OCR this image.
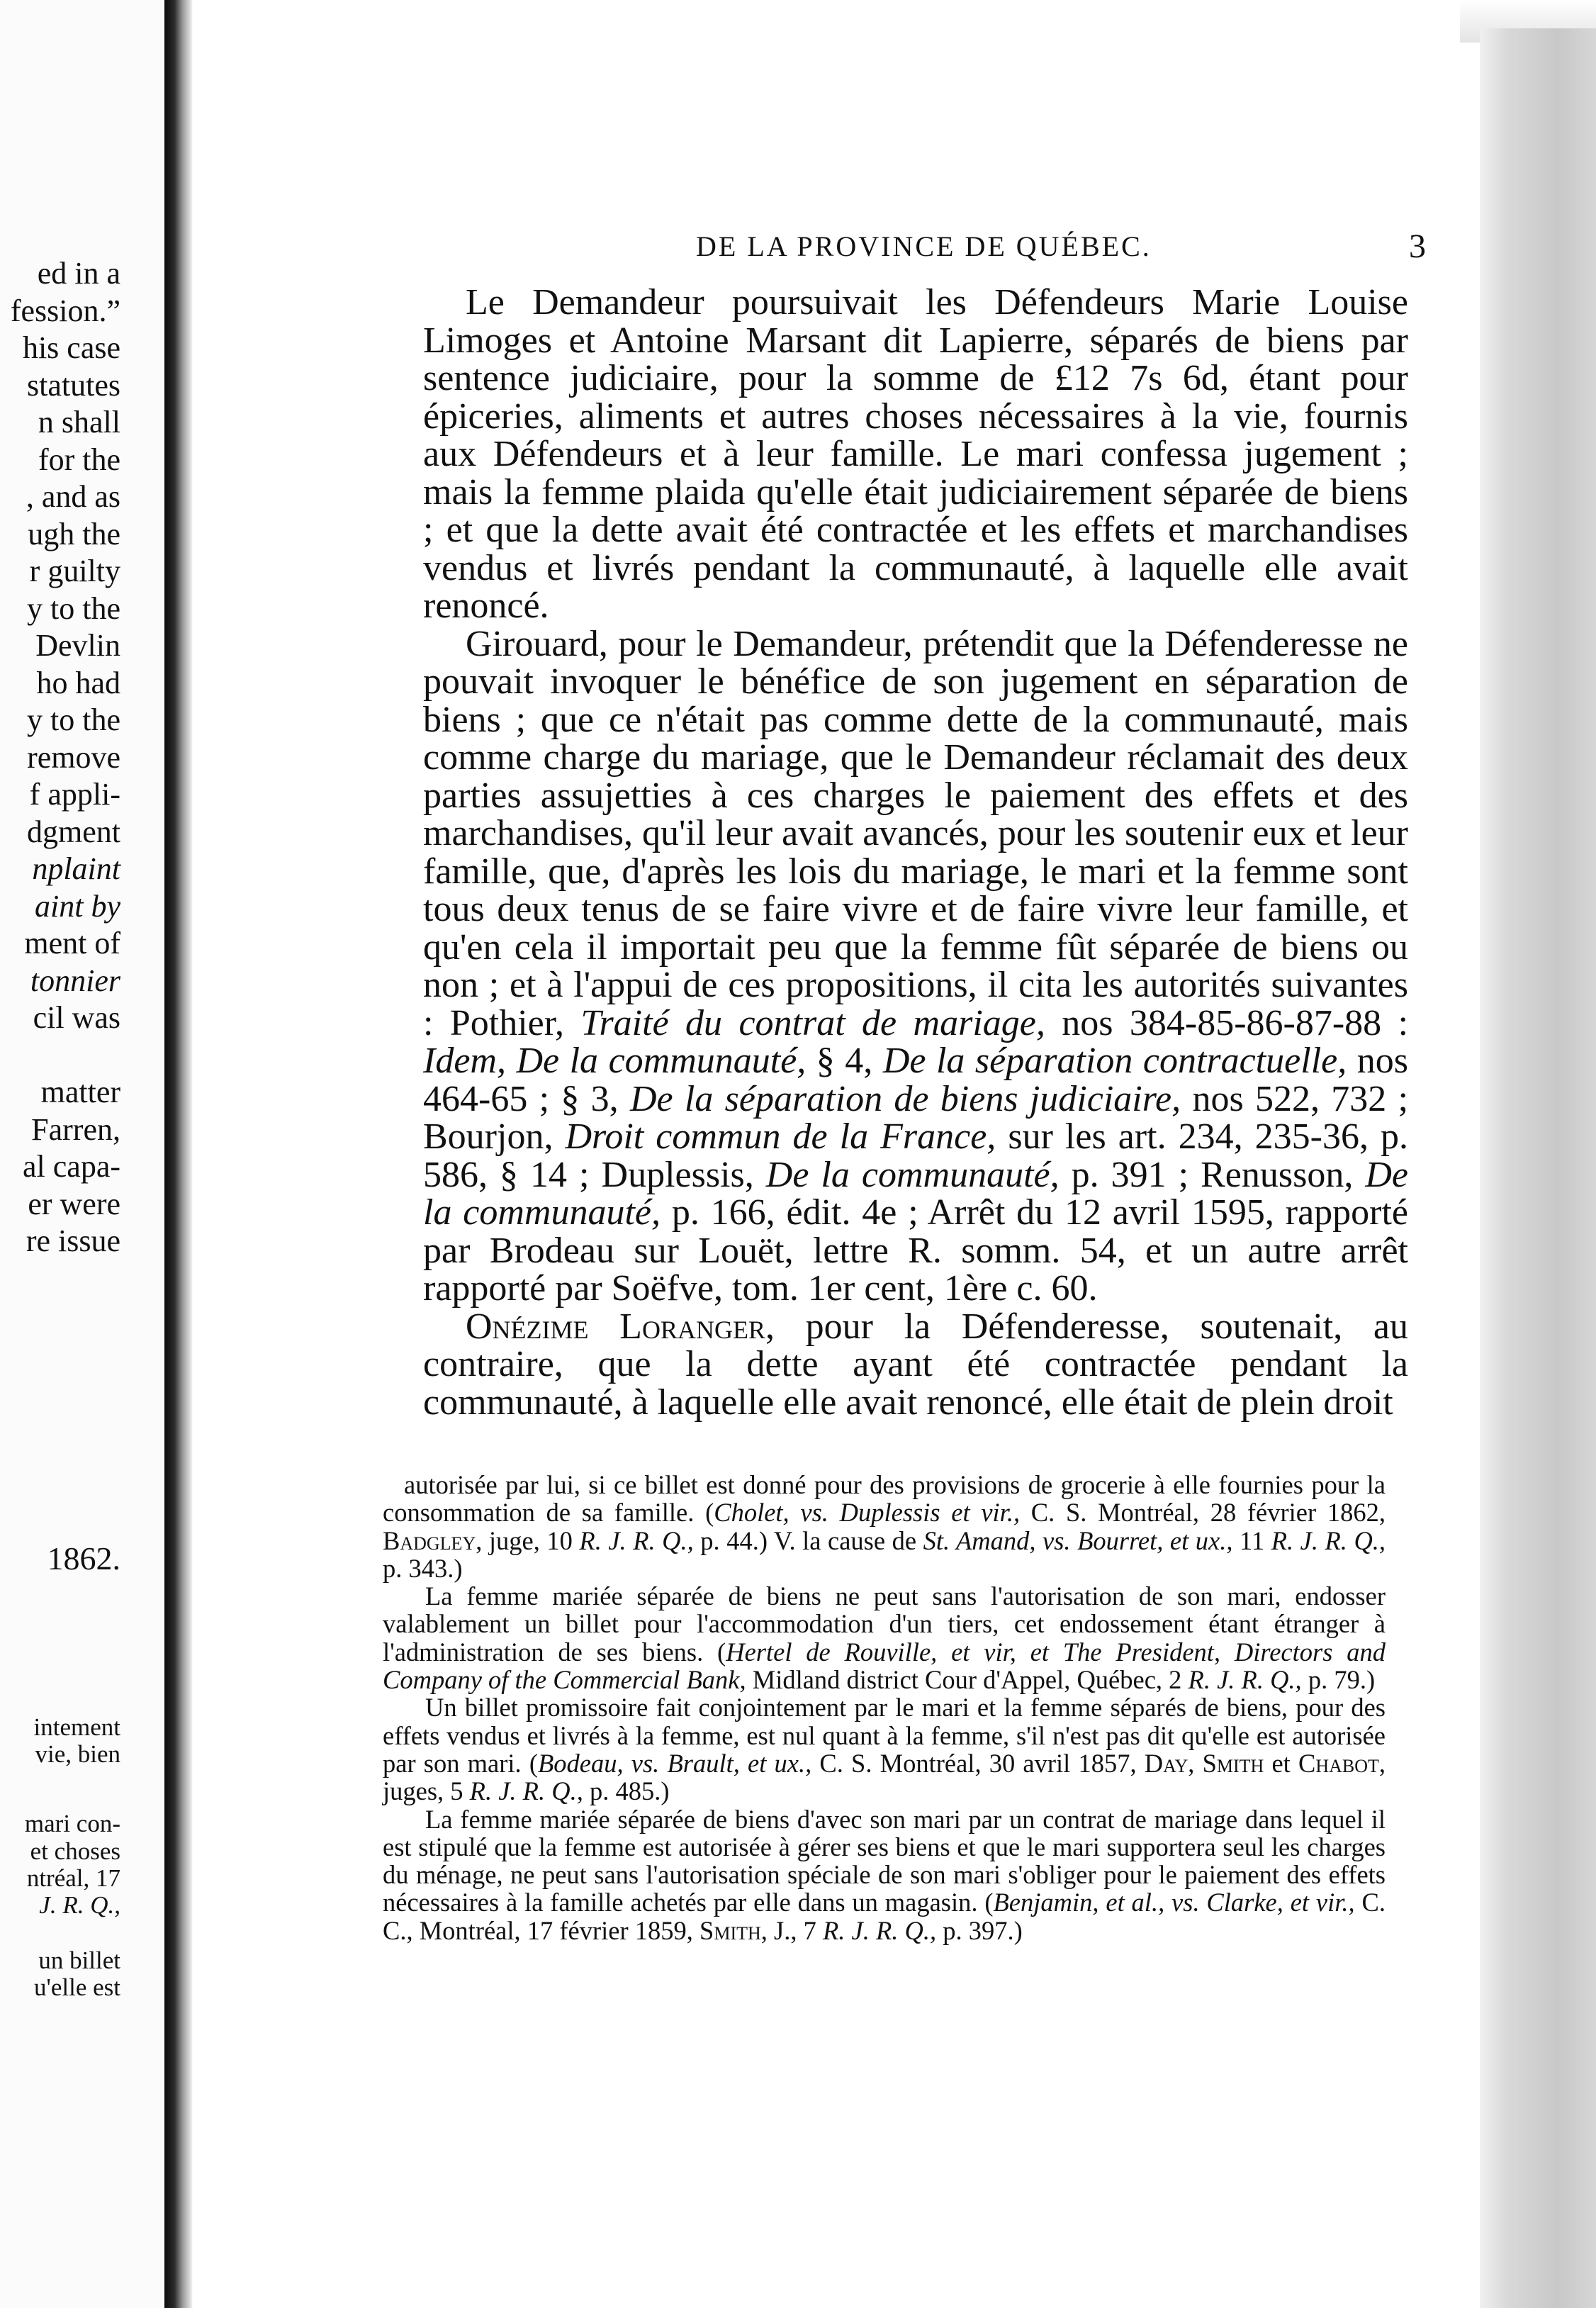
ed in a
fession.”
his case
statutes
n shall
for the
, and as
ugh the
r guilty
y to the
Devlin
ho had
y to the
remove
f appli-
dgment
nplaint
aint by
ment of
tonnier
cil was
matter
Farren,
al capa-
er were
re issue
1862.
intement
vie, bien
mari con-
et choses
ntréal, 17
J. R. Q.,
un billet
u'elle est
DE LA PROVINCE DE QUÉBEC.	3

Le Demandeur poursuivait les Défendeurs Marie Louise Limoges et Antoine Marsant dit Lapierre, séparés de biens par sentence judiciaire, pour la somme de £12 7s 6d, étant pour épiceries, aliments et autres choses nécessaires à la vie, fournis aux Défendeurs et à leur famille. Le mari confessa jugement ; mais la femme plaida qu'elle était judiciairement séparée de biens ; et que la dette avait été contractée et les effets et marchandises vendus et livrés pendant la communauté, à laquelle elle avait renoncé.

Girouard, pour le Demandeur, prétendit que la Défenderesse ne pouvait invoquer le bénéfice de son jugement en séparation de biens ; que ce n'était pas comme dette de la communauté, mais comme charge du mariage, que le Demandeur réclamait des deux parties assujetties à ces charges le paiement des effets et des marchandises, qu'il leur avait avancés, pour les soutenir eux et leur famille, que, d'après les lois du mariage, le mari et la femme sont tous deux tenus de se faire vivre et de faire vivre leur famille, et qu'en cela il importait peu que la femme fût séparée de biens ou non ; et à l'appui de ces propositions, il cita les autorités suivantes : Pothier, Traité du contrat de mariage, nos 384-85-86-87-88 : Idem, De la communauté, § 4, De la séparation contractuelle, nos 464-65 ; § 3, De la séparation de biens judiciaire, nos 522, 732 ; Bourjon, Droit commun de la France, sur les art. 234, 235-36, p. 586, § 14 ; Duplessis, De la communauté, p. 391 ; Renusson, De la communauté, p. 166, édit. 4e ; Arrêt du 12 avril 1595, rapporté par Brodeau sur Louët, lettre R. somm. 54, et un autre arrêt rapporté par Soëfve, tom. 1er cent, 1ère c. 60.

Onézime Loranger, pour la Défenderesse, soutenait, au contraire, que la dette ayant été contractée pendant la communauté, à laquelle elle avait renoncé, elle était de plein droit

autorisée par lui, si ce billet est donné pour des provisions de grocerie à elle fournies pour la consommation de sa famille. (Cholet, vs. Duplessis et vir., C. S. Montréal, 28 février 1862, Badgley, juge, 10 R. J. R. Q., p. 44.) V. la cause de St. Amand, vs. Bourret, et ux., 11 R. J. R. Q., p. 343.)

La femme mariée séparée de biens ne peut sans l'autorisation de son mari, endosser valablement un billet pour l'accommodation d'un tiers, cet endossement étant étranger à l'administration de ses biens. (Hertel de Rouville, et vir, et The President, Directors and Company of the Commercial Bank, Midland district Cour d'Appel, Québec, 2 R. J. R. Q., p. 79.)

Un billet promissoire fait conjointement par le mari et la femme séparés de biens, pour des effets vendus et livrés à la femme, est nul quant à la femme, s'il n'est pas dit qu'elle est autorisée par son mari. (Bodeau, vs. Brault, et ux., C. S. Montréal, 30 avril 1857, Day, Smith et Chabot, juges, 5 R. J. R. Q., p. 485.)

La femme mariée séparée de biens d'avec son mari par un contrat de mariage dans lequel il est stipulé que la femme est autorisée à gérer ses biens et que le mari supportera seul les charges du ménage, ne peut sans l'autorisation spéciale de son mari s'obliger pour le paiement des effets nécessaires à la famille achetés par elle dans un magasin. (Benjamin, et al., vs. Clarke, et vir., C. C., Montréal, 17 février 1859, Smith, J., 7 R. J. R. Q., p. 397.)
